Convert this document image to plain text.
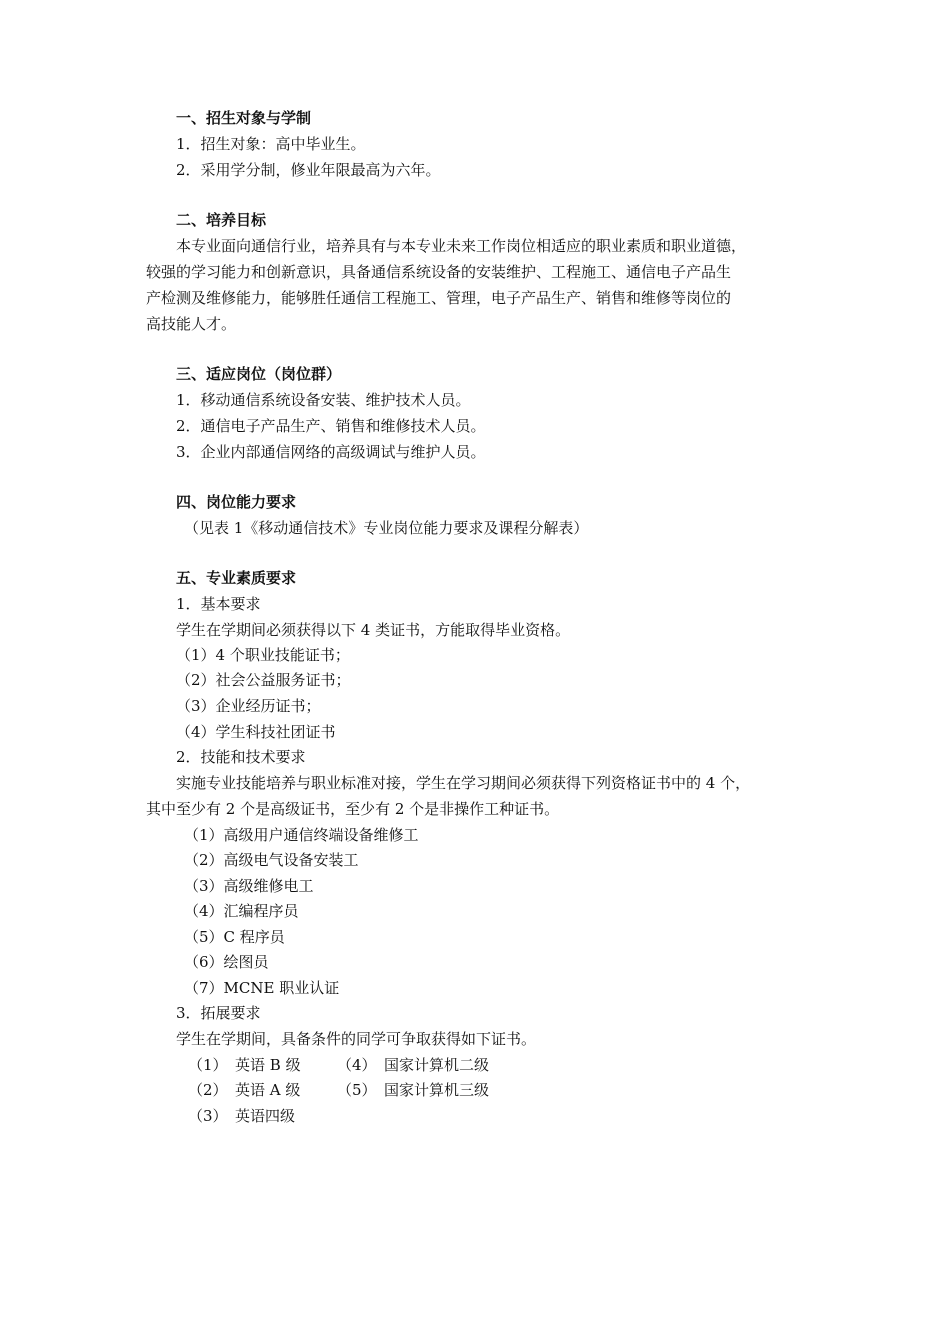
一、招生对象与学制
1．招生对象：高中毕业生。
2．采用学分制，修业年限最高为六年。
二、培养目标
本专业面向通信行业，培养具有与本专业未来工作岗位相适应的职业素质和职业道德，
较强的学习能力和创新意识，具备通信系统设备的安装维护、工程施工、通信电子产品生
产检测及维修能力，能够胜任通信工程施工、管理，电子产品生产、销售和维修等岗位的
高技能人才。
三、适应岗位（岗位群）
1．移动通信系统设备安装、维护技术人员。
2．通信电子产品生产、销售和维修技术人员。
3．企业内部通信网络的高级调试与维护人员。
四、岗位能力要求
（见表 1《移动通信技术》专业岗位能力要求及课程分解表）
五、专业素质要求
1．基本要求
学生在学期间必须获得以下 4 类证书，方能取得毕业资格。
（1）4 个职业技能证书；
（2）社会公益服务证书；
（3）企业经历证书；
（4）学生科技社团证书
2．技能和技术要求
实施专业技能培养与职业标准对接，学生在学习期间必须获得下列资格证书中的 4 个，
其中至少有 2 个是高级证书，至少有 2 个是非操作工种证书。
（1）高级用户通信终端设备维修工
（2）高级电气设备安装工
（3）高级维修电工
（4）汇编程序员
（5）C 程序员
（6）绘图员
（7）MCNE 职业认证
3．拓展要求
学生在学期间，具备条件的同学可争取获得如下证书。
（1）　英语 B 级 （4）　国家计算机二级
（2）　英语 A 级 （5）　国家计算机三级
（3）　英语四级
